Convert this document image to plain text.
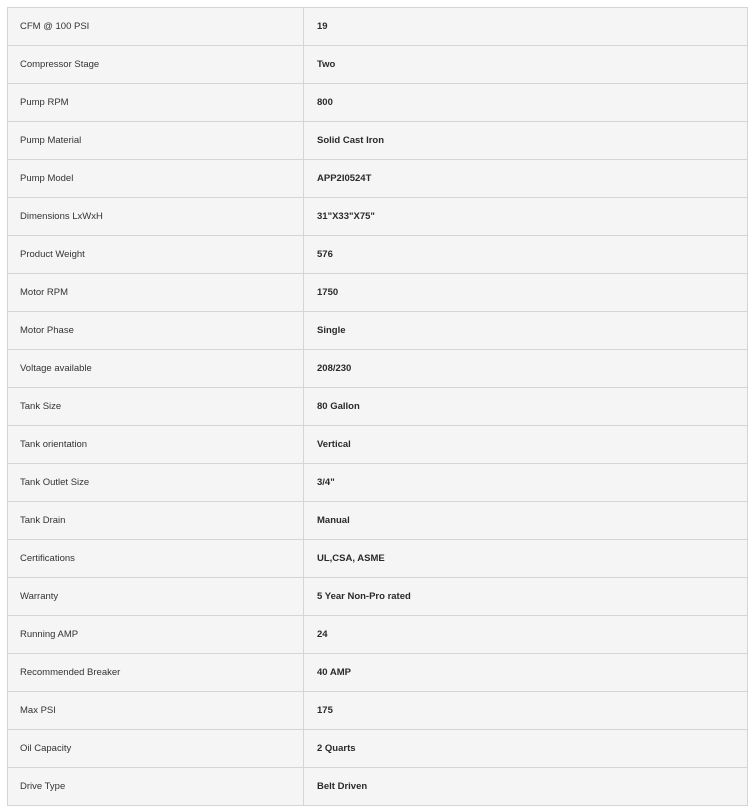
CFM @ 100 PSI	19
Compressor Stage	Two
Pump RPM	800
Pump Material	Solid Cast Iron
Pump Model	APP2I0524T
Dimensions LxWxH	31"X33"X75"
Product Weight	576
Motor RPM	1750
Motor Phase	Single
Voltage available	208/230
Tank Size	80 Gallon
Tank orientation	Vertical
Tank Outlet Size	3/4"
Tank Drain	Manual
Certifications	UL,CSA, ASME
Warranty	5 Year Non-Pro rated
Running AMP	24
Recommended Breaker	40 AMP
Max PSI	175
Oil Capacity	2 Quarts
Drive Type	Belt Driven
